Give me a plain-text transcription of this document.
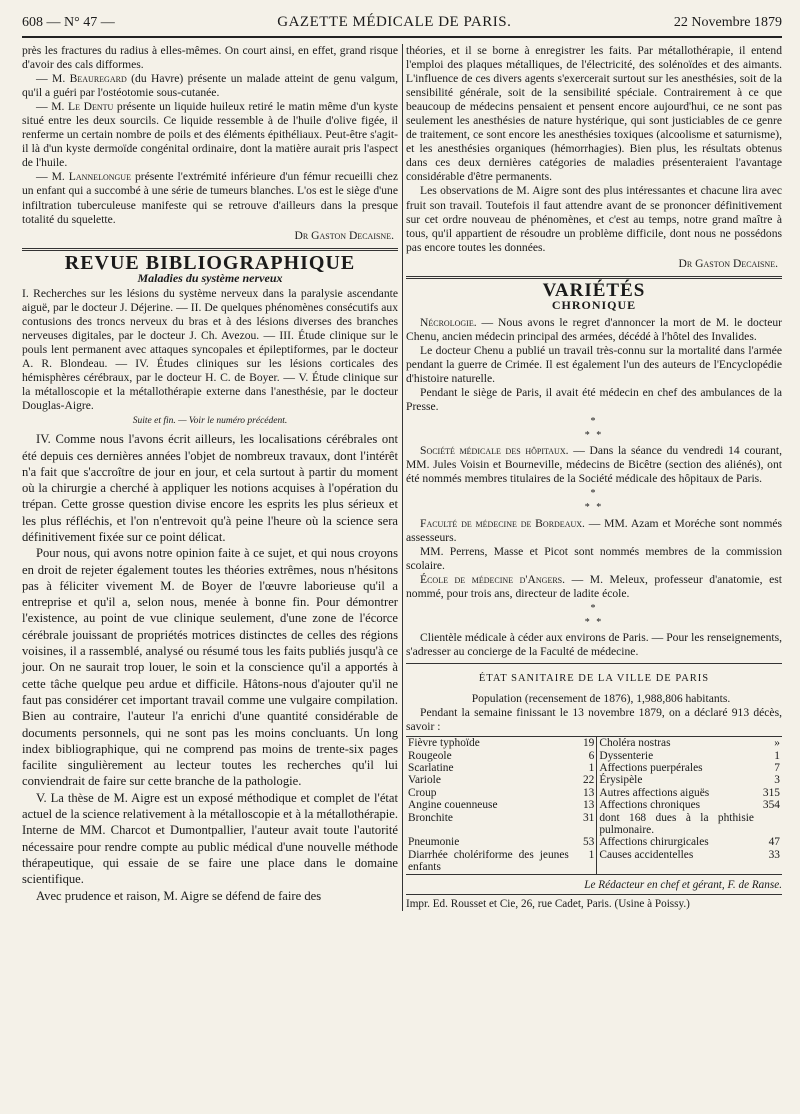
608 — N° 47 —	GAZETTE MÉDICALE DE PARIS.	22 Novembre 1879

près les fractures du radius à elles-mêmes. On court ainsi, en effet, grand risque d'avoir des cals difformes.

— M. Beauregard (du Havre) présente un malade atteint de genu valgum, qu'il a guéri par l'ostéotomie sous-cutanée.

— M. Le Dentu présente un liquide huileux retiré le matin même d'un kyste situé entre les deux sourcils. Ce liquide ressemble à de l'huile d'olive figée, il renferme un certain nombre de poils et des éléments épithéliaux. Peut-être s'agit-il là d'un kyste dermoïde congénital ordinaire, dont la matière aurait pris l'aspect de l'huile.

— M. Lannelongue présente l'extrémité inférieure d'un fémur recueilli chez un enfant qui a succombé à une série de tumeurs blanches. L'os est le siège d'une infiltration tuberculeuse manifeste qui se retrouve d'ailleurs dans la presque totalité du squelette.

Dr Gaston Decaisne.
REVUE BIBLIOGRAPHIQUE
Maladies du système nerveux

I. Recherches sur les lésions du système nerveux dans la paralysie ascendante aiguë, par le docteur J. Déjerine. — II. De quelques phénomènes consécutifs aux contusions des troncs nerveux du bras et à des lésions diverses des branches nerveuses digitales, par le docteur J. Ch. Avezou. — III. Étude clinique sur le pouls lent permanent avec attaques syncopales et épileptiformes, par le docteur A. R. Blondeau. — IV. Études cliniques sur les lésions corticales des hémisphères cérébraux, par le docteur H. C. de Boyer. — V. Étude clinique sur la métalloscopie et la métallothérapie externe dans l'anesthésie, par le docteur Douglas-Aigre.

Suite et fin. — Voir le numéro précédent.

IV. Comme nous l'avons écrit ailleurs, les localisations cérébrales ont été depuis ces dernières années l'objet de nombreux travaux, dont l'intérêt n'a fait que s'accroître de jour en jour, et cela surtout à partir du moment où la chirurgie a cherché à appliquer les notions acquises à l'opération du trépan. Cette grosse question divise encore les esprits les plus sérieux et les plus réfléchis, et l'on n'entrevoit qu'à peine l'heure où la science sera définitivement fixée sur ce point délicat.

Pour nous, qui avons notre opinion faite à ce sujet, et qui nous croyons en droit de rejeter également toutes les théories extrêmes, nous n'hésitons pas à féliciter vivement M. de Boyer de l'œuvre laborieuse qu'il a entreprise et qu'il a, selon nous, menée à bonne fin. Pour démontrer l'existence, au point de vue clinique seulement, d'une zone de l'écorce cérébrale jouissant de propriétés motrices distinctes de celles des régions voisines, il a rassemblé, analysé ou résumé tous les faits publiés jusqu'à ce jour. On ne saurait trop louer, le soin et la conscience qu'il a apportés à cette tâche quelque peu ardue et difficile. Hâtons-nous d'ajouter qu'il ne faut pas considérer cet important travail comme une vulgaire compilation. Bien au contraire, l'auteur l'a enrichi d'une quantité considérable de documents personnels, qui ne sont pas les moins concluants. Un long index bibliographique, qui ne comprend pas moins de trente-six pages facilite singulièrement au lecteur toutes les recherches qu'il lui conviendrait de faire sur cette branche de la pathologie.

V. La thèse de M. Aigre est un exposé méthodique et complet de l'état actuel de la science relativement à la métalloscopie et à la métallothérapie. Interne de MM. Charcot et Dumontpallier, l'auteur avait toute l'autorité nécessaire pour rendre compte au public médical d'une nouvelle méthode thérapeutique, qui essaie de se faire une place dans le domaine scientifique.

Avec prudence et raison, M. Aigre se défend de faire des

théories, et il se borne à enregistrer les faits. Par métallothérapie, il entend l'emploi des plaques métalliques, de l'électricité, des solénoïdes et des aimants. L'influence de ces divers agents s'exercerait surtout sur les anesthésies, soit de la sensibilité générale, soit de la sensibilité spéciale. Contrairement à ce que beaucoup de médecins pensaient et pensent encore aujourd'hui, ce ne sont pas seulement les anesthésies de nature hystérique, qui sont justiciables de ce genre de traitement, ce sont encore les anesthésies toxiques (alcoolisme et saturnisme), et les anesthésies organiques (hémorrhagies). Bien plus, les résultats obtenus dans ces deux dernières catégories de maladies présenteraient l'avantage considérable d'être permanents.

Les observations de M. Aigre sont des plus intéressantes et chacune lira avec fruit son travail. Toutefois il faut attendre avant de se prononcer définitivement sur cet ordre nouveau de phénomènes, et c'est au temps, notre grand maître à tous, qu'il appartient de résoudre un problème difficile, dont nous ne possédons pas encore toutes les données.

Dr Gaston Decaisne.
VARIÉTÉS
CHRONIQUE

Nécrologie. — Nous avons le regret d'annoncer la mort de M. le docteur Chenu, ancien médecin principal des armées, décédé à l'hôtel des Invalides.

Le docteur Chenu a publié un travail très-connu sur la mortalité dans l'armée pendant la guerre de Crimée. Il est également l'un des auteurs de l'Encyclopédie d'histoire naturelle.

Pendant le siège de Paris, il avait été médecin en chef des ambulances de la Presse.

*
* *

Société médicale des hôpitaux. — Dans la séance du vendredi 14 courant, MM. Jules Voisin et Bourneville, médecins de Bicêtre (section des aliénés), ont été nommés membres titulaires de la Société médicale des hôpitaux de Paris.

*
* *

Faculté de médecine de Bordeaux. — MM. Azam et Moréche sont nommés assesseurs.

MM. Perrens, Masse et Picot sont nommés membres de la commission scolaire.

École de médecine d'Angers. — M. Meleux, professeur d'anatomie, est nommé, pour trois ans, directeur de ladite école.

*
* *

Clientèle médicale à céder aux environs de Paris. — Pour les renseignements, s'adresser au concierge de la Faculté de médecine.

ÉTAT SANITAIRE DE LA VILLE DE PARIS

Population (recensement de 1876), 1,988,806 habitants.

Pendant la semaine finissant le 13 novembre 1879, on a déclaré 913 décès, savoir :

Fièvre typhoïde	19	Choléra nostras	»
Rougeole	6	Dyssenterie	1
Scarlatine	1	Affections puerpérales	7
Variole	22	Érysipèle	3
Croup	13	Autres affections aiguës	315
Angine couenneuse	13	Affections chroniques	354
Bronchite	31	dont 168 dues à la phthisie pulmonaire.	
Pneumonie	53	Affections chirurgicales	47
Diarrhée cholériforme des jeunes enfants	1	Causes accidentelles	33
Le Rédacteur en chef et gérant, F. de Ranse.
Impr. Ed. Rousset et Cie, 26, rue Cadet, Paris. (Usine à Poissy.)
